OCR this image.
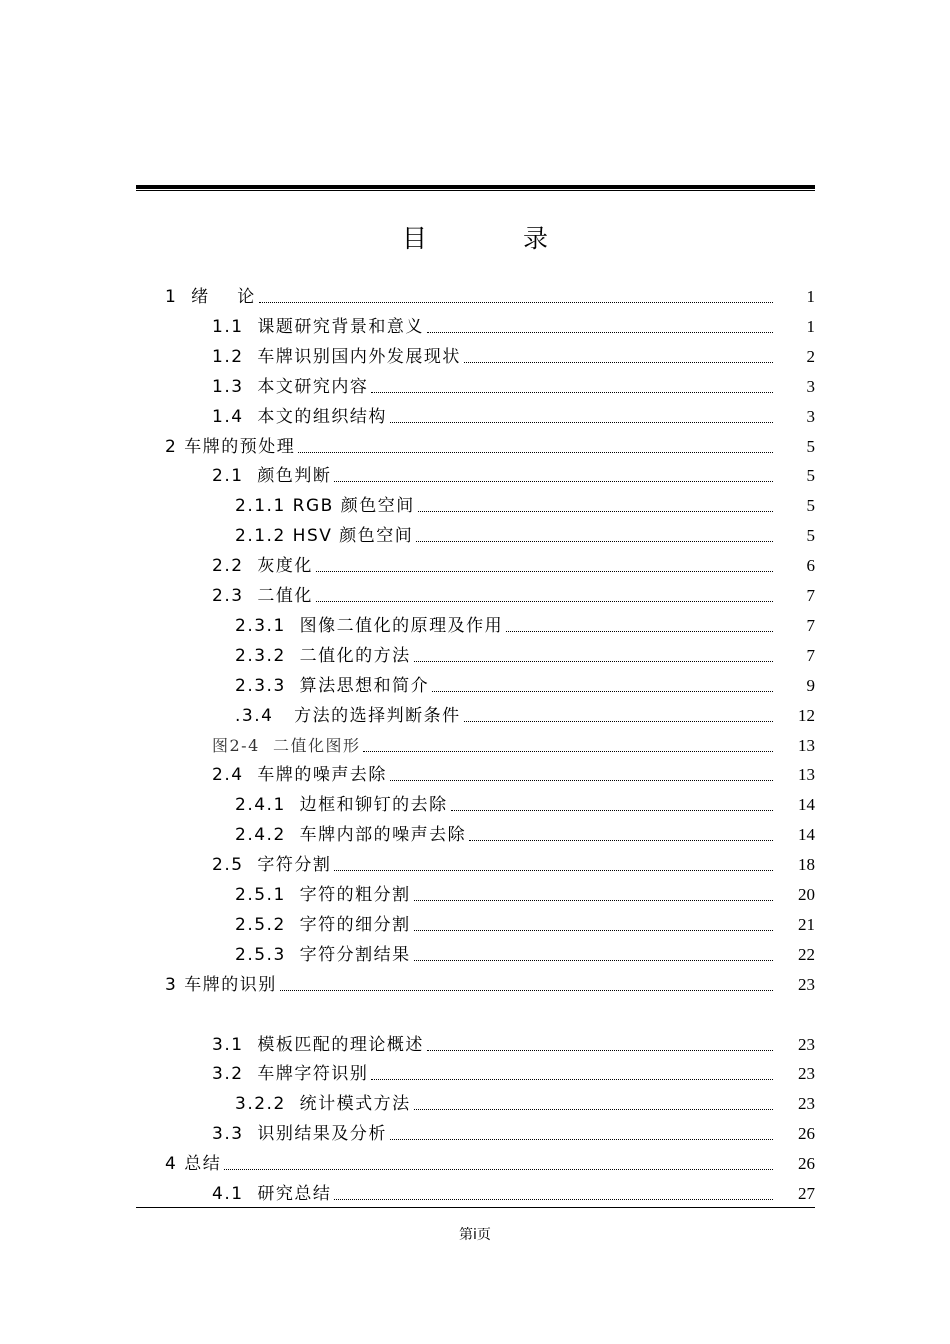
目 录
1  绪    论	1
1.1  课题研究背景和意义	1
1.2  车牌识别国内外发展现状	2
1.3  本文研究内容	3
1.4  本文的组织结构	3
2 车牌的预处理	5
2.1  颜色判断	5
2.1.1 RGB 颜色空间	5
2.1.2 HSV 颜色空间	5
2.2  灰度化	6
2.3  二值化	7
2.3.1  图像二值化的原理及作用	7
2.3.2  二值化的方法	7
2.3.3  算法思想和简介	9
.3.4   方法的选择判断条件	12
图2-4  二值化图形	13
2.4  车牌的噪声去除	13
2.4.1  边框和铆钉的去除	14
2.4.2  车牌内部的噪声去除	14
2.5  字符分割	18
2.5.1  字符的粗分割	20
2.5.2  字符的细分割	21
2.5.3  字符分割结果	22
3 车牌的识别	23
3.1  模板匹配的理论概述	23
3.2  车牌字符识别	23
3.2.2  统计模式方法	23
3.3  识别结果及分析	26
4 总结	26
4.1  研究总结	27
第i页
